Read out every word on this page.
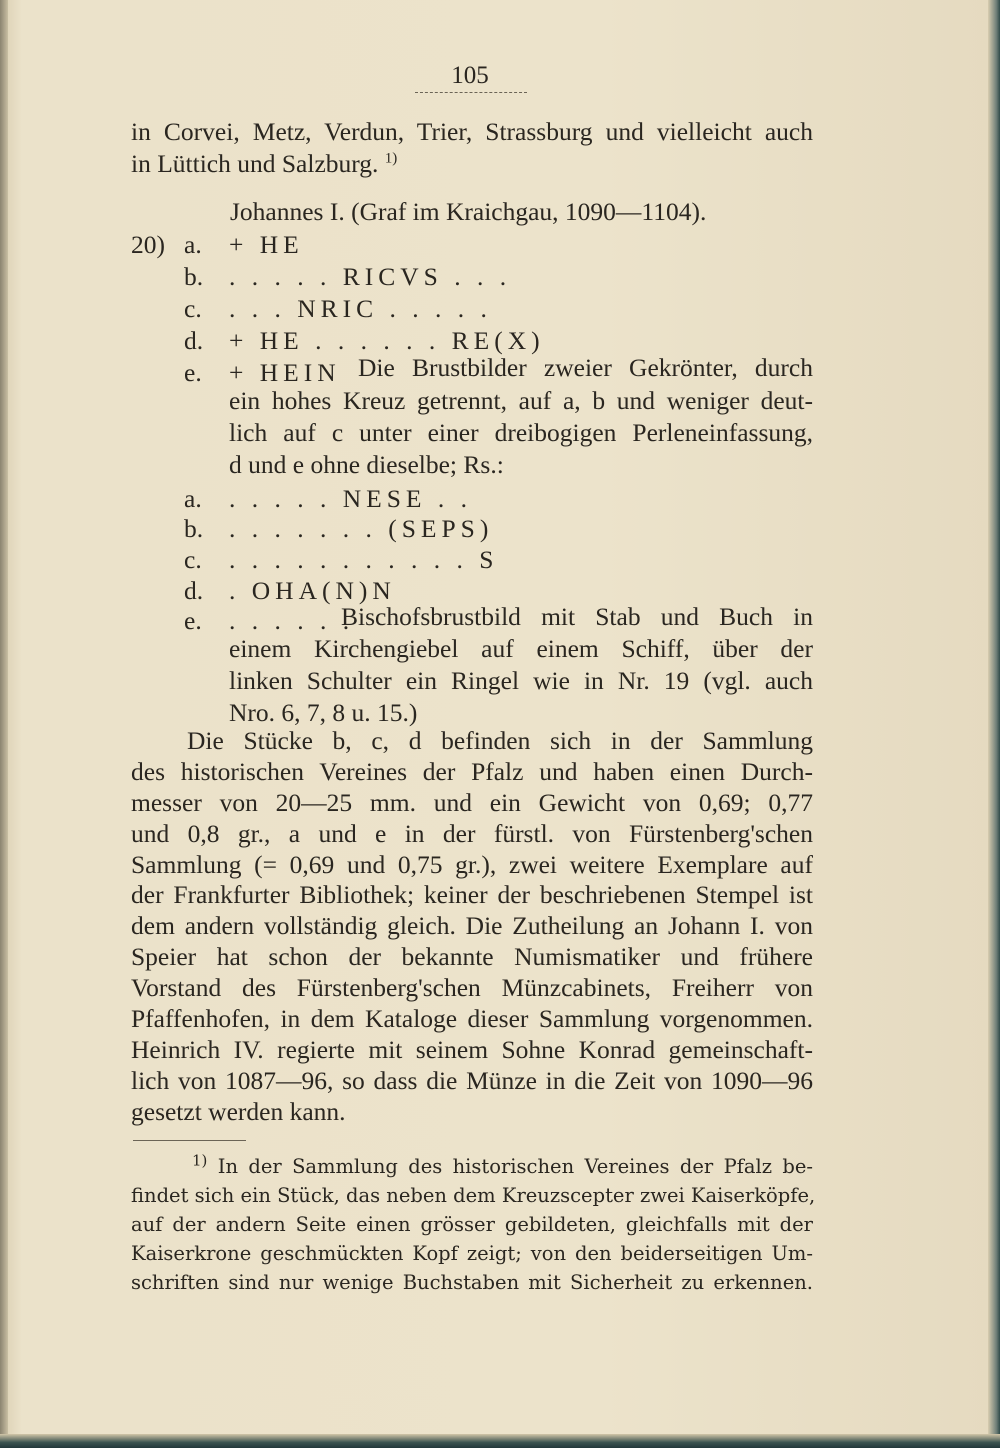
105
in Corvei, Metz, Verdun, Trier, Strassburg und vielleicht auch
in Lüttich und Salzburg. $^{1)}$
Johannes I. (Graf im Kraichgau, 1090—1104).
20) a. + HE
b. . . . . . RICVS . . .
c. . . . NRIC . . . . .
d. + HE . . . . . . RE(X)
e. + HEIN Die Brustbilder zweier Gekrönter, durch
ein hohes Kreuz getrennt, auf a, b und weniger deut-
lich auf c unter einer dreibogigen Perleneinfassung,
d und e ohne dieselbe; Rs.:
a. . . . . . NESE . .
b. . . . . . . . (SEPS)
c. . . . . . . . . . . . S
d. . OHA(N)N
e. . . . . . .
Bischofsbrustbild mit Stab und Buch in
einem Kirchengiebel auf einem Schiff, über der
linken Schulter ein Ringel wie in Nr. 19 (vgl. auch
Nro. 6, 7, 8 u. 15.)
Die Stücke b, c, d befinden sich in der Sammlung
des historischen Vereines der Pfalz und haben einen Durch-
messer von 20—25 mm. und ein Gewicht von 0,69; 0,77
und 0,8 gr., a und e in der fürstl. von Fürstenberg'schen
Sammlung (= 0,69 und 0,75 gr.), zwei weitere Exemplare auf
der Frankfurter Bibliothek; keiner der beschriebenen Stempel ist
dem andern vollständig gleich. Die Zutheilung an Johann I. von
Speier hat schon der bekannte Numismatiker und frühere
Vorstand des Fürstenberg'schen Münzcabinets, Freiherr von
Pfaffenhofen, in dem Kataloge dieser Sammlung vorgenommen.
Heinrich IV. regierte mit seinem Sohne Konrad gemeinschaft-
lich von 1087—96, so dass die Münze in die Zeit von 1090—96
gesetzt werden kann.
$^{1)}$ In der Sammlung des historischen Vereines der Pfalz be-
findet sich ein Stück, das neben dem Kreuzscepter zwei Kaiserköpfe,
auf der andern Seite einen grösser gebildeten, gleichfalls mit der
Kaiserkrone geschmückten Kopf zeigt; von den beiderseitigen Um-
schriften sind nur wenige Buchstaben mit Sicherheit zu erkennen.
